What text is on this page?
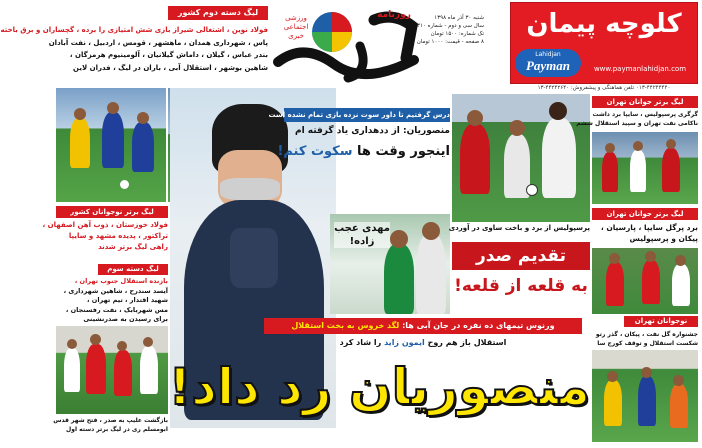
روزنامه
ورزشی
اجتماعی
خبری
شنبه ۳۰ آذر ماه ۱۳۹۸
سال سی و دوم - شماره ۳۱۰
تک شماره: ۱۵۰۰ تومان
۸ صفحه - قیمت: ۱۰۰۰ تومان
کلوچه پیمان
Lahidjan
Payman	www.paymanlahidjan.com
۰۱۳-۴۴۲۴۴۴۴۰ تلفن هماهنگی و پیشفروش: ۴۴۲۴۲۶۴۰-۱۳
لیگ دسته دوم کشور
فولاد نوین ، اشتغالی شیراز بازی شش امتیازی را برده ، گچساران و برق باخته
پاس ، شهرداری همدان ، ماهشهر ، قومس ، اردبیل ، نفت آبادان
بندر عباس ، گیلان ، داماش گیلانیان ، آلومینیوم هرمزگان ،
شاهین بوشهر ، استقلال آبی ، باران در لیگ ، فدران لاین
لیگ برتر نوجوانان کشور
فولاد خوزستان ، ذوب آهن اصفهان ،
تراکتور ، پدیده مشهد و سایپا
راهی لیگ برتر شدند
لیگ دسته سوم
بازنده استقلال جنوب تهران ،
آیسد سندرح ، شاهین شهرداری ،
شهید اقتدار ، تیم تهران ،
مس شهربابک ، نفت رفسنجان ،
برای رسیدن به صدرنشینی
بازگشت علیپ به صدر ، فتح شهر قدس
ابومسلم ری در لیگ برتر دسته اول
درس گرفتیم تا داور سوت نزده بازی تمام نشده است
منصوریان: از ددهداری یاد گرفته ام
اینجور وقت ها سکوت کنم!
مهدی عجب زاده!
ورنوس تیمهای ده نفره در جان آبی ها: لگد خروس به بخت استقلال
استقلال باز هم روح ایمون زاید را شاد کرد
منصوریان رد داد!
پرسپولیس از برد و باخت ساوی در آوردی
تقدیم صدر
به قلعه از قلعه!
لیگ برتر جوانان تهران
گرگری پرسپولیس ، سایپا برد داشت
ناکامی نفت تهران و سپید استقلال ششم
لیگ برتر جوانان تهران
برد پرگل سایپا ، پارسیان ،
پیکان و پرسپولیس
نوجوانان تهران
جشنواره گل نفت ، پیکان ، گذر رتو
شکست استقلال و توقف کورج سا
